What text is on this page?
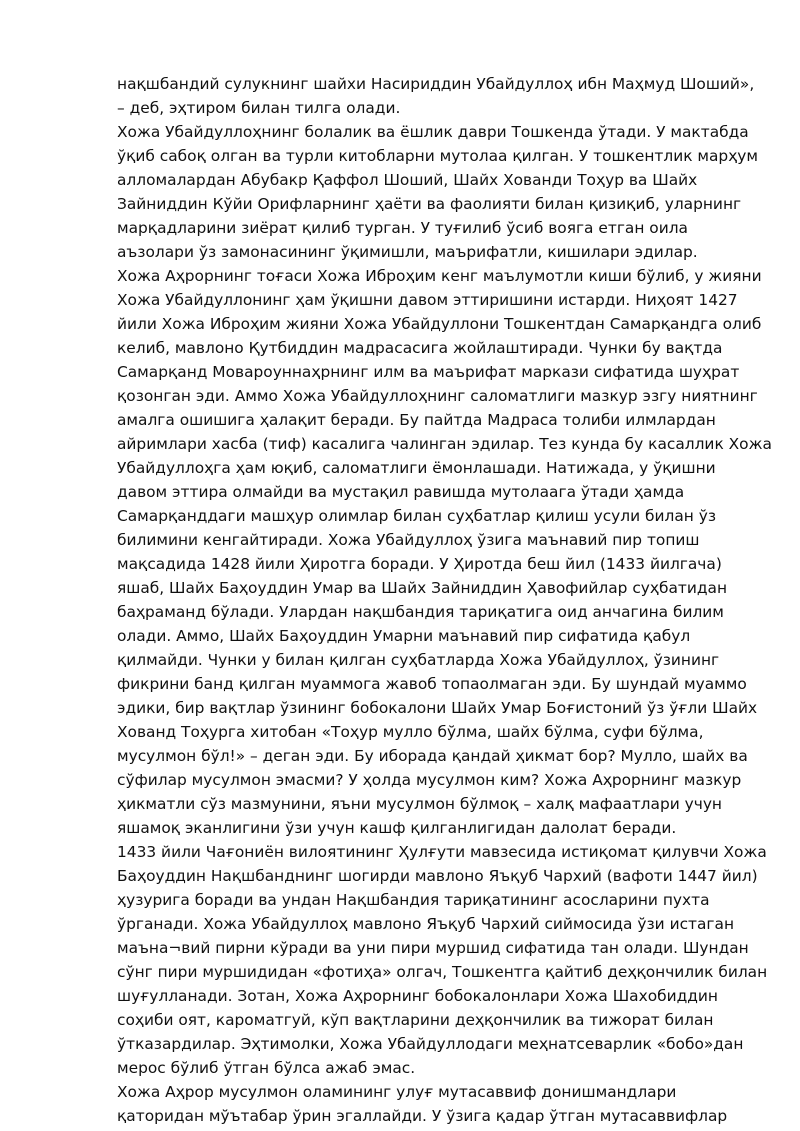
нақшбандий сулукнинг шайхи Насириддин Убайдуллоҳ ибн Маҳмуд Шоший»,
– деб, эҳтиром билан тилга олади.
Хожа Убайдуллоҳнинг болалик ва ёшлик даври Тошкенда ўтади. У мактабда
ўқиб сабоқ олган ва турли китобларни мутолаа қилган. У тошкентлик марҳум
алломалардан Абубакр Қаффол Шоший, Шайх Хованди Тоҳур ва Шайх
Зайниддин Кўйи Орифларнинг ҳаёти ва фаолияти билан қизиқиб, уларнинг
марқадларини зиёрат қилиб турган. У туғилиб ўсиб вояга етган оила
аъзолари ўз замонасининг ўқимишли, маърифатли, кишилари эдилар.
Хожа Аҳрорнинг тоғаси Хожа Иброҳим кенг маълумотли киши бўлиб, у жияни
Хожа Убайдуллонинг ҳам ўқишни давом эттиришини истарди. Ниҳоят 1427
йили Хожа Иброҳим жияни Хожа Убайдуллони Тошкентдан Самарқандга олиб
келиб, мавлоно Қутбиддин мадрасасига жойлаштиради. Чунки бу вақтда
Самарқанд Мовароуннаҳрнинг илм ва маърифат маркази сифатида шуҳрат
қозонган эди. Аммо Хожа Убайдуллоҳнинг саломатлиги мазкур эзгу ниятнинг
амалга ошишига ҳалақит беради. Бу пайтда Мадраса толиби илмлардан
айримлари хасба (тиф) касалига чалинган эдилар. Тез кунда бу касаллик Хожа
Убайдуллоҳга ҳам юқиб, саломатлиги ёмонлашади. Натижада, у ўқишни
давом эттира олмайди ва мустақил равишда мутолаага ўтади ҳамда
Самарқанддаги машҳур олимлар билан суҳбатлар қилиш усули билан ўз
билимини кенгайтиради. Хожа Убайдуллоҳ ўзига маънавий пир топиш
мақсадида 1428 йили Ҳиротга боради. У Ҳиротда беш йил (1433 йилгача)
яшаб, Шайх Баҳоуддин Умар ва Шайх Зайниддин Ҳавофийлар суҳбатидан
баҳраманд бўлади. Улардан нақшбандия тариқатига оид анчагина билим
олади. Аммо, Шайх Баҳоуддин Умарни маънавий пир сифатида қабул
қилмайди. Чунки у билан қилган суҳбатларда Хожа Убайдуллоҳ, ўзининг
фикрини банд қилган муаммога жавоб топаолмаган эди. Бу шундай муаммо
эдики, бир вақтлар ўзининг бобокалони Шайх Умар Боғистоний ўз ўғли Шайх
Хованд Тоҳурга хитобан «Тоҳур мулло бўлма, шайх бўлма, суфи бўлма,
мусулмон бўл!» – деган эди. Бу иборада қандай ҳикмат бор? Мулло, шайх ва
сўфилар мусулмон эмасми? У ҳолда мусулмон ким? Хожа Аҳрорнинг мазкур
ҳикматли сўз мазмунини, яъни мусулмон бўлмоқ – халқ мафаатлари учун
яшамоқ эканлигини ўзи учун кашф қилганлигидан далолат беради.
1433 йили Чағониён вилоятининг Ҳулғути мавзесида истиқомат қилувчи Хожа
Баҳоуддин Нақшбанднинг шогирди мавлоно Яъқуб Чархий (вафоти 1447 йил)
ҳузурига боради ва ундан Нақшбандия тариқатининг асосларини пухта
ўрганади. Хожа Убайдуллоҳ мавлоно Яъқуб Чархий сиймосида ўзи истаган
маъна¬вий пирни кўради ва уни пири муршид сифатида тан олади. Шундан
сўнг пири муршидидан «фотиҳа» олгач, Тошкентга қайтиб деҳқончилик билан
шуғулланади. Зотан, Хожа Аҳрорнинг бобокалонлари Хожа Шахобиддин
соҳиби оят, кароматгуй, кўп вақтларини деҳқончилик ва тижорат билан
ўтказардилар. Эҳтимолки, Хожа Убайдуллодаги меҳнатсеварлик «бобо»дан
мерос бўлиб ўтган бўлса ажаб эмас.
Хожа Аҳрор мусулмон оламининг улуғ мутасаввиф донишмандлари
қаторидан мўътабар ўрин эгаллайди. У ўзига қадар ўтган мутасаввифлар
